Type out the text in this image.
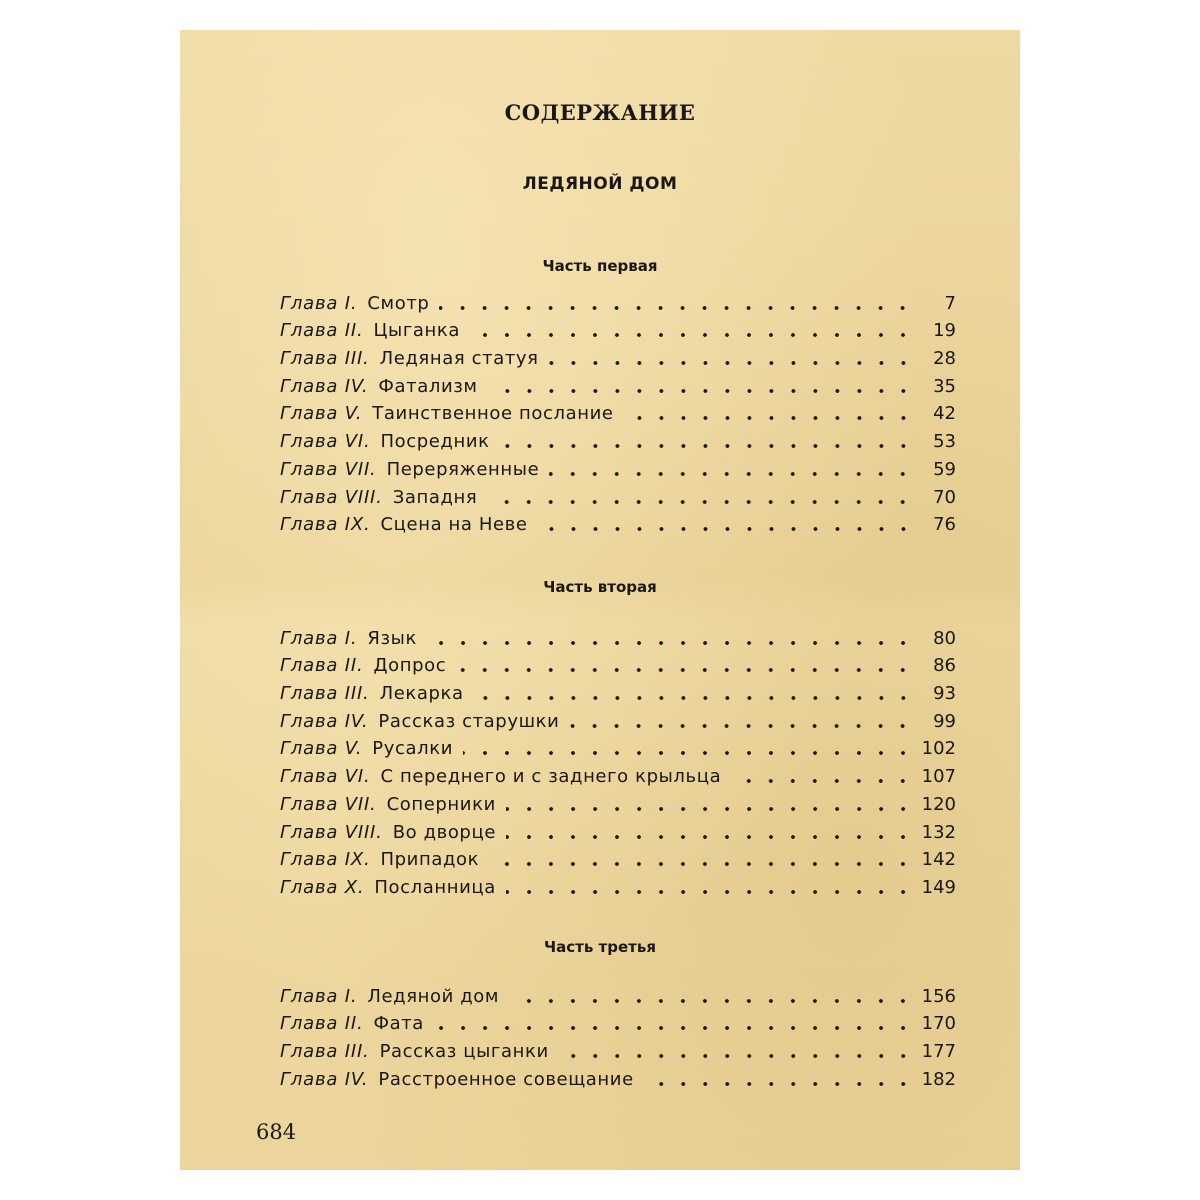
СОДЕРЖАНИЕ
ЛЕДЯНОЙ ДОМ
Часть первая
Глава I. Смотр	7
Глава II. Цыганка	19
Глава III. Ледяная статуя	28
Глава IV. Фатализм	35
Глава V. Таинственное послание	42
Глава VI. Посредник	53
Глава VII. Переряженные	59
Глава VIII. Западня	70
Глава IX. Сцена на Неве	76
Часть вторая
Глава I. Язык	80
Глава II. Допрос	86
Глава III. Лекарка	93
Глава IV. Рассказ старушки	99
Глава V. Русалки	102
Глава VI. С переднего и с заднего крыльца	107
Глава VII. Соперники	120
Глава VIII. Во дворце	132
Глава IX. Припадок	142
Глава X. Посланница	149
Часть третья
Глава I. Ледяной дом	156
Глава II. Фата	170
Глава III. Рассказ цыганки	177
Глава IV. Расстроенное совещание	182
684
